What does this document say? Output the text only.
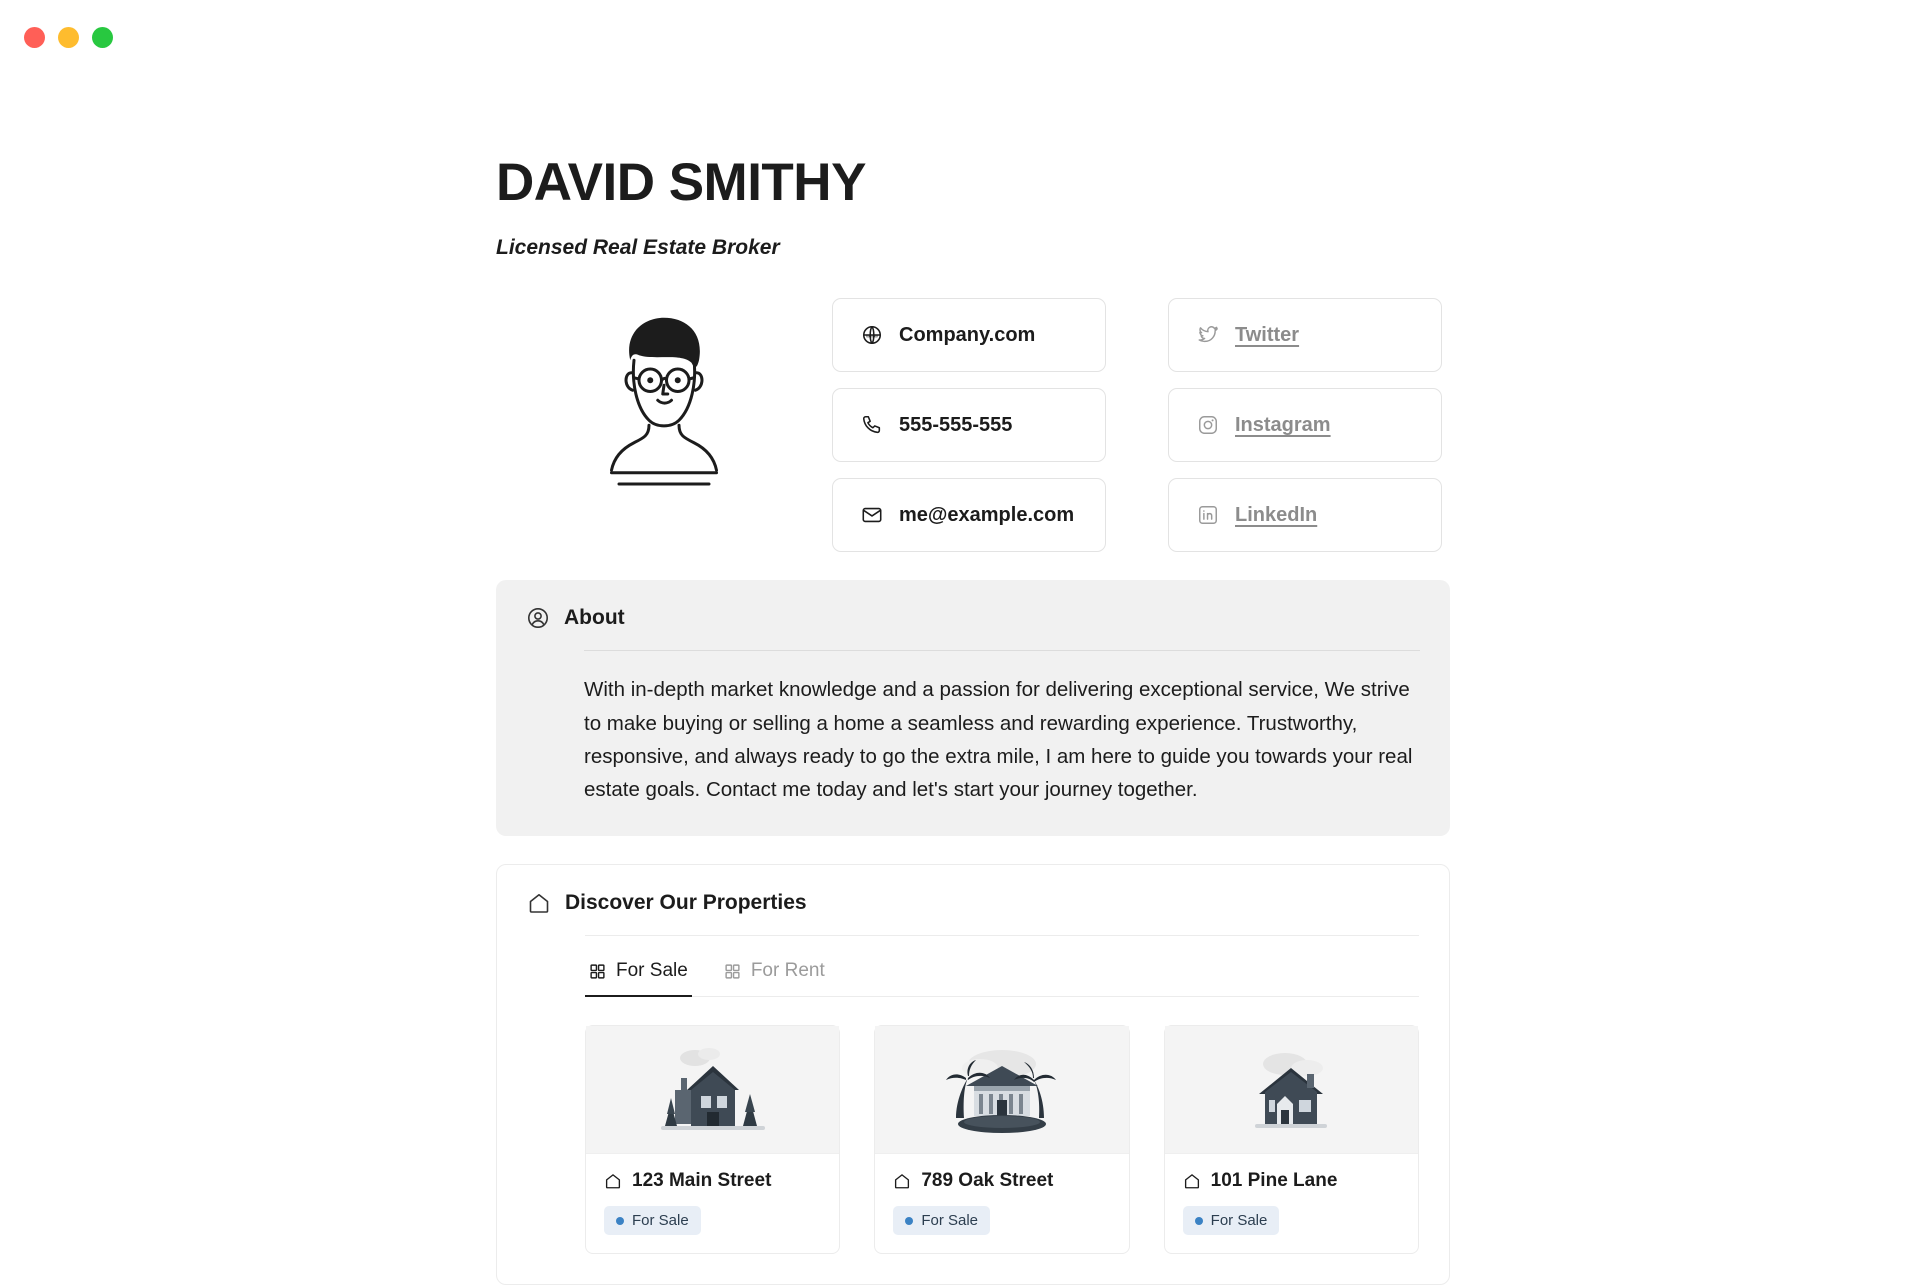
DAVID SMITHY
Licensed Real Estate Broker
www Company.com
555-555-555
me@example.com
Twitter
Instagram
LinkedIn
About

With in-depth market knowledge and a passion for delivering exceptional service, We strive to make buying or selling a home a seamless and rewarding experience. Trustworthy, responsive, and always ready to go the extra mile, I am here to guide you towards your real estate goals. Contact me today and let's start your journey together.

Discover Our Properties
For Sale	For Rent
123 Main Street
For Sale
789 Oak Street
For Sale
101 Pine Lane
For Sale
